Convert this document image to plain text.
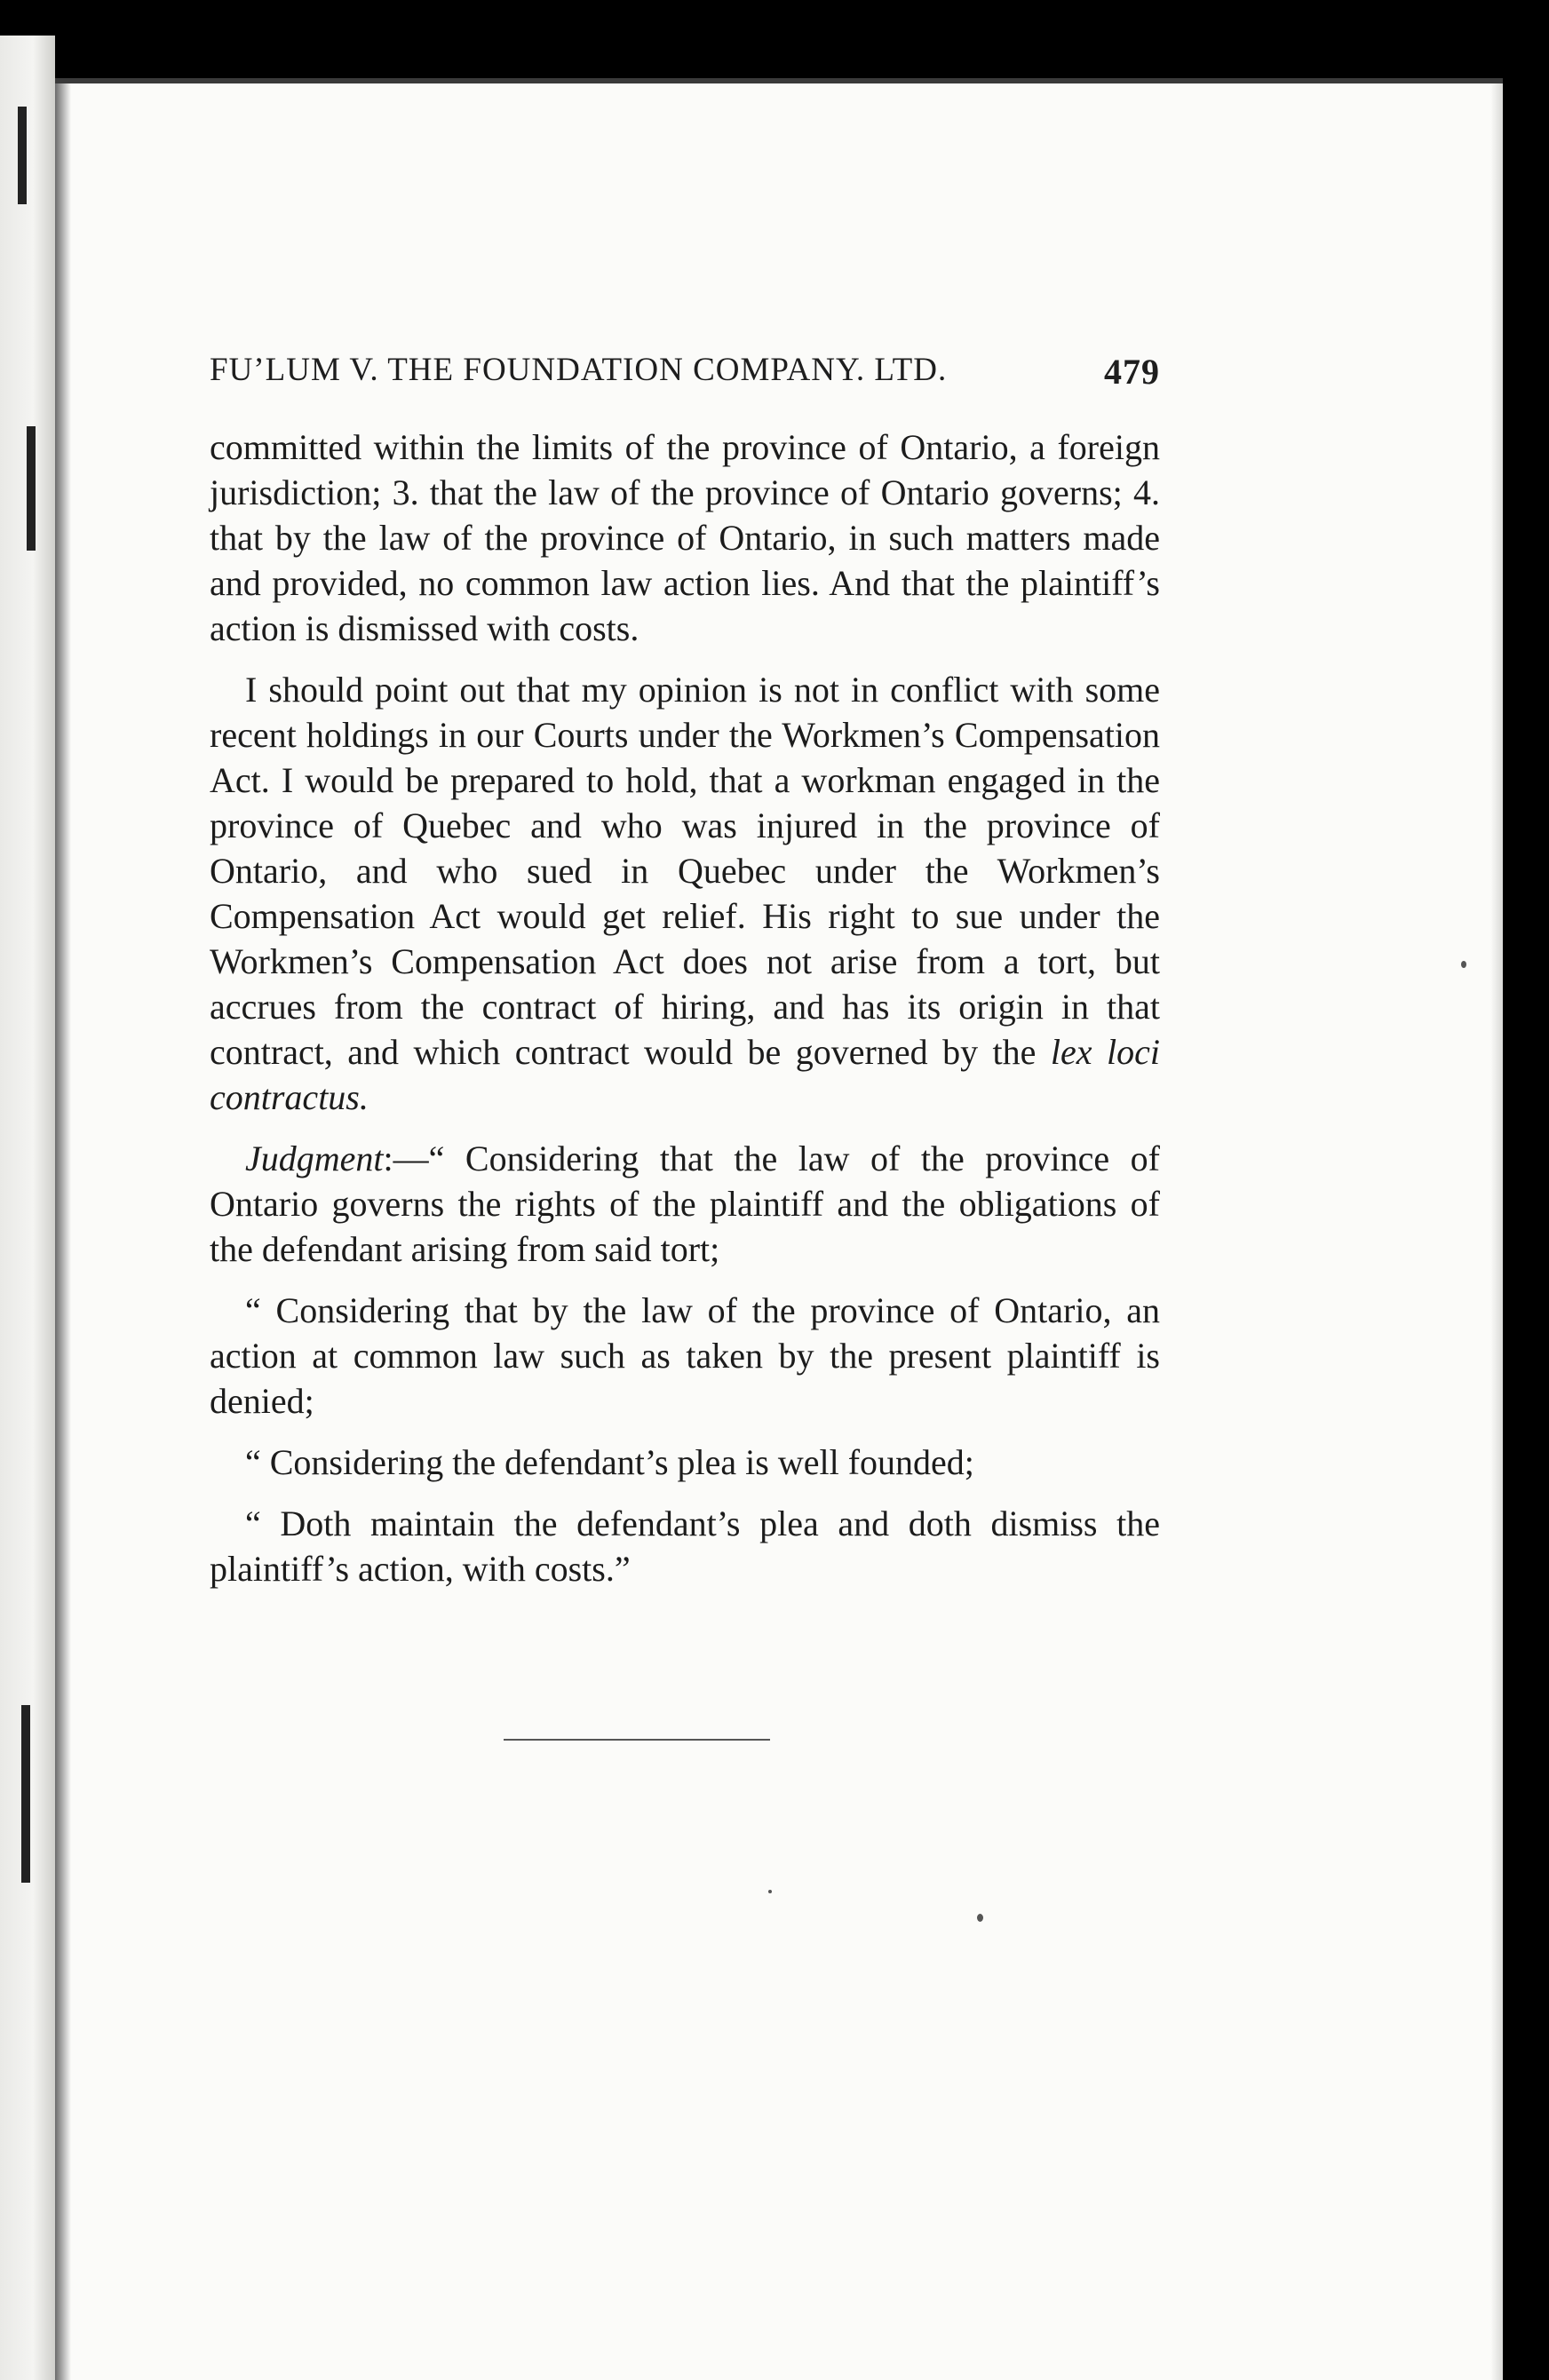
FU’LUM V. THE FOUNDATION COMPANY. LTD.	479

committed within the limits of the province of Ontario, a foreign jurisdiction; 3. that the law of the province of Ontario governs; 4. that by the law of the province of Ontario, in such matters made and provided, no common law action lies. And that the plaintiff’s action is dismissed with costs.

I should point out that my opinion is not in conflict with some recent holdings in our Courts under the Workmen’s Compensation Act. I would be prepared to hold, that a workman engaged in the province of Quebec and who was injured in the province of Ontario, and who sued in Quebec under the Workmen’s Compensation Act would get relief. His right to sue under the Workmen’s Compensation Act does not arise from a tort, but accrues from the contract of hiring, and has its origin in that contract, and which contract would be governed by the lex loci contractus.

Judgment:—“ Considering that the law of the province of Ontario governs the rights of the plaintiff and the obligations of the defendant arising from said tort;

“ Considering that by the law of the province of Ontario, an action at common law such as taken by the present plaintiff is denied;

“ Considering the defendant’s plea is well founded;

“ Doth maintain the defendant’s plea and doth dismiss the plaintiff’s action, with costs.”
